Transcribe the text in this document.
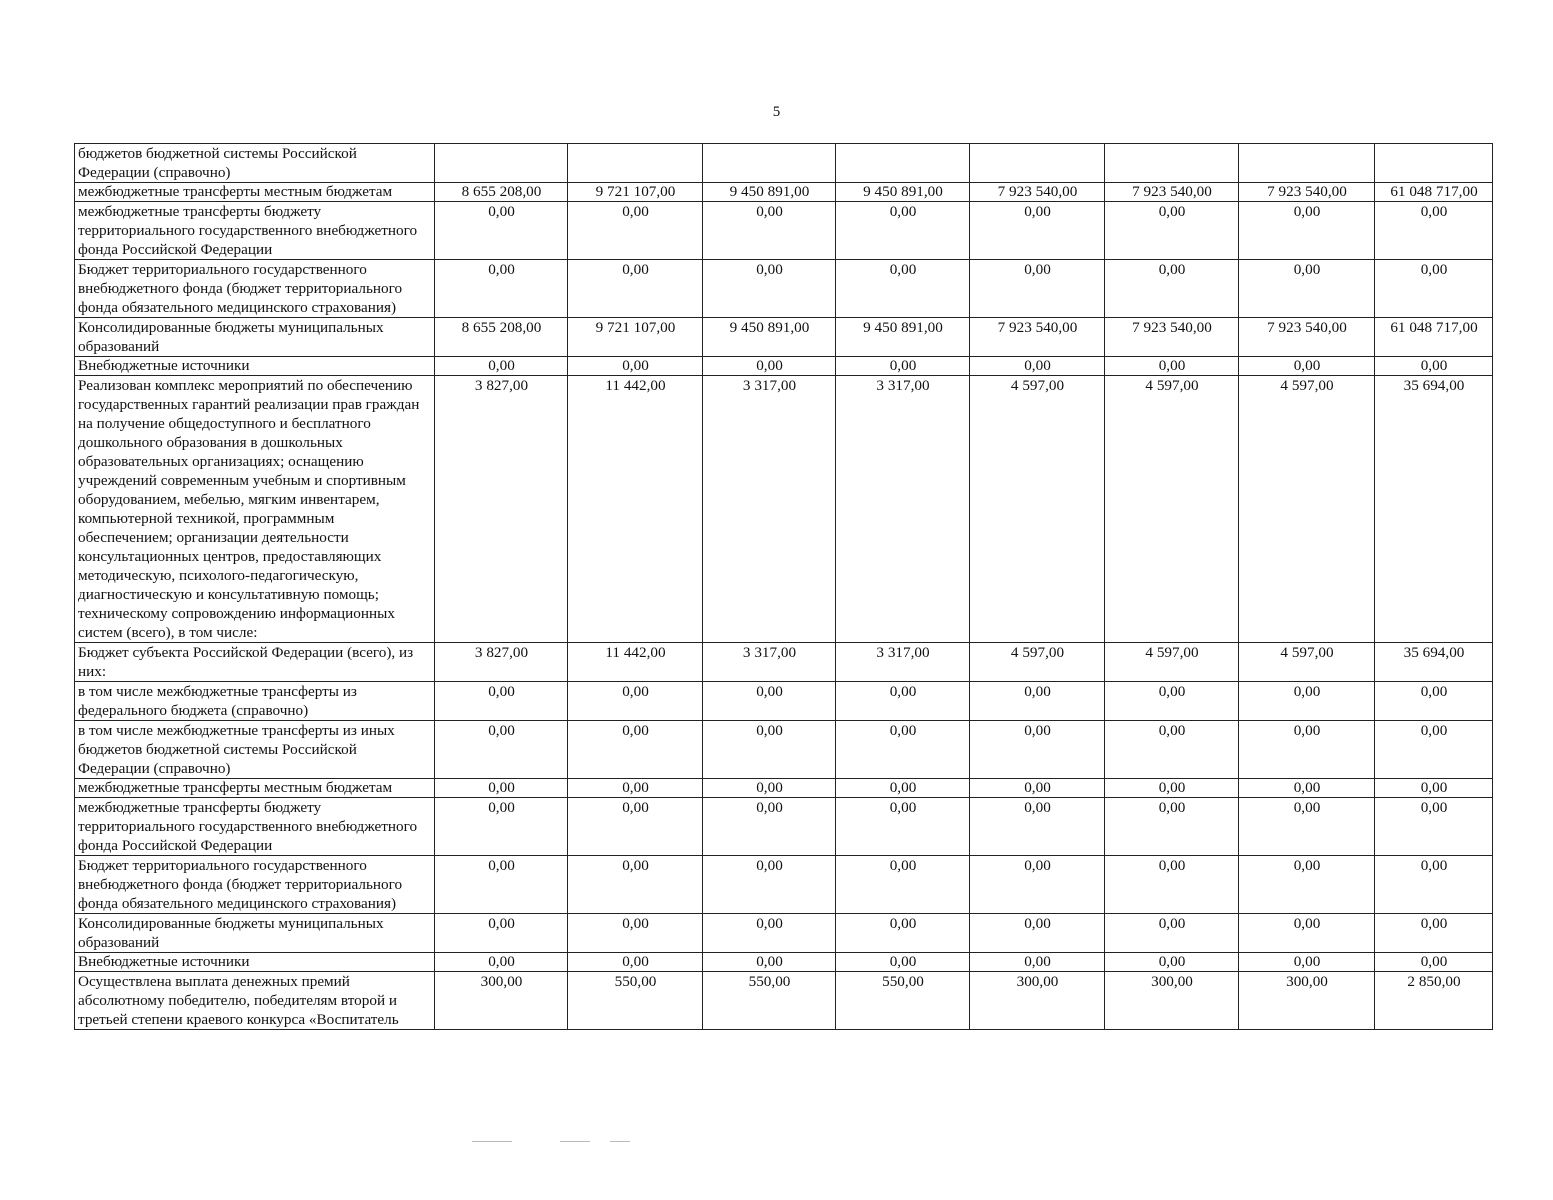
5
бюджетов бюджетной системы Российской Федерации (справочно)								
межбюджетные трансферты местным бюджетам	8 655 208,00	9 721 107,00	9 450 891,00	9 450 891,00	7 923 540,00	7 923 540,00	7 923 540,00	61 048 717,00
межбюджетные трансферты бюджету территориального государственного внебюджетного фонда Российской Федерации	0,00	0,00	0,00	0,00	0,00	0,00	0,00	0,00
Бюджет территориального государственного внебюджетного фонда (бюджет территориального фонда обязательного медицинского страхования)	0,00	0,00	0,00	0,00	0,00	0,00	0,00	0,00
Консолидированные бюджеты муниципальных образований	8 655 208,00	9 721 107,00	9 450 891,00	9 450 891,00	7 923 540,00	7 923 540,00	7 923 540,00	61 048 717,00
Внебюджетные источники	0,00	0,00	0,00	0,00	0,00	0,00	0,00	0,00
Реализован комплекс мероприятий по обеспечению государственных гарантий реализации прав граждан на получение общедоступного и бесплатного дошкольного образования в дошкольных образовательных организациях; оснащению учреждений современным учебным и спортивным оборудованием, мебелью, мягким инвентарем, компьютерной техникой, программным обеспечением; организации деятельности консультационных центров, предоставляющих методическую, психолого-педагогическую, диагностическую и консультативную помощь; техническому сопровождению информационных систем (всего), в том числе:	3 827,00	11 442,00	3 317,00	3 317,00	4 597,00	4 597,00	4 597,00	35 694,00
Бюджет субъекта Российской Федерации (всего), из них:	3 827,00	11 442,00	3 317,00	3 317,00	4 597,00	4 597,00	4 597,00	35 694,00
в том числе межбюджетные трансферты из федерального бюджета (справочно)	0,00	0,00	0,00	0,00	0,00	0,00	0,00	0,00
в том числе межбюджетные трансферты из иных бюджетов бюджетной системы Российской Федерации (справочно)	0,00	0,00	0,00	0,00	0,00	0,00	0,00	0,00
межбюджетные трансферты местным бюджетам	0,00	0,00	0,00	0,00	0,00	0,00	0,00	0,00
межбюджетные трансферты бюджету территориального государственного внебюджетного фонда Российской Федерации	0,00	0,00	0,00	0,00	0,00	0,00	0,00	0,00
Бюджет территориального государственного внебюджетного фонда (бюджет территориального фонда обязательного медицинского страхования)	0,00	0,00	0,00	0,00	0,00	0,00	0,00	0,00
Консолидированные бюджеты муниципальных образований	0,00	0,00	0,00	0,00	0,00	0,00	0,00	0,00
Внебюджетные источники	0,00	0,00	0,00	0,00	0,00	0,00	0,00	0,00
Осуществлена выплата денежных премий абсолютному победителю, победителям второй и третьей степени краевого конкурса «Воспитатель	300,00	550,00	550,00	550,00	300,00	300,00	300,00	2 850,00
